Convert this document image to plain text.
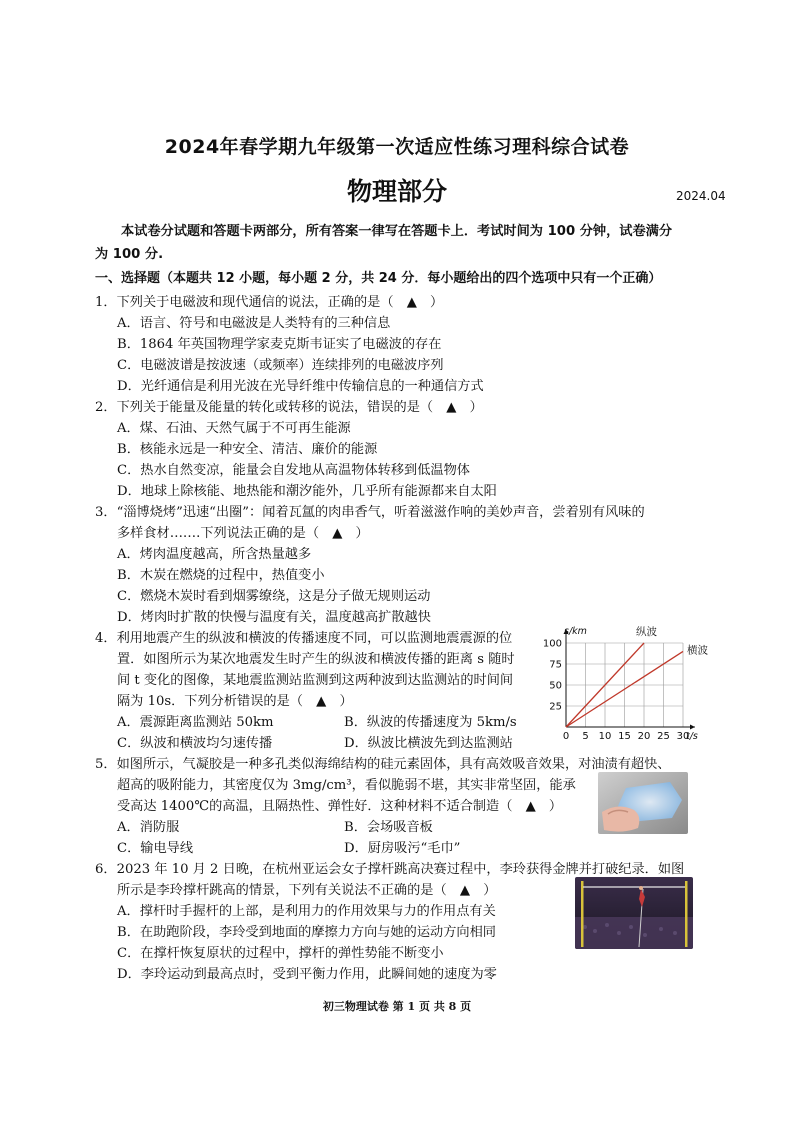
2024年春学期九年级第一次适应性练习理科综合试卷
物理部分	2024.04
本试卷分试题和答题卡两部分，所有答案一律写在答题卡上．考试时间为 100 分钟，试卷满分
为 100 分.
一、选择题（本题共 12 小题，每小题 2 分，共 24 分．每小题给出的四个选项中只有一个正确）
1．下列关于电磁波和现代通信的说法，正确的是（　▲　）
A．语言、符号和电磁波是人类特有的三种信息
B．1864 年英国物理学家麦克斯韦证实了电磁波的存在
C．电磁波谱是按波速（或频率）连续排列的电磁波序列
D．光纤通信是利用光波在光导纤维中传输信息的一种通信方式
2．下列关于能量及能量的转化或转移的说法，错误的是（　▲　）
A．煤、石油、天然气属于不可再生能源
B．核能永远是一种安全、清洁、廉价的能源
C．热水自然变凉，能量会自发地从高温物体转移到低温物体
D．地球上除核能、地热能和潮汐能外，几乎所有能源都来自太阳
3．“淄博烧烤”迅速“出圈”：闻着瓦氲的肉串香气，听着滋滋作响的美妙声音，尝着别有风味的
多样食材…….下列说法正确的是（　▲　）
A．烤肉温度越高，所含热量越多
B．木炭在燃烧的过程中，热值变小
C．燃烧木炭时看到烟雾缭绕，这是分子做无规则运动
D．烤肉时扩散的快慢与温度有关，温度越高扩散越快
4．利用地震产生的纵波和横波的传播速度不同，可以监测地震震源的位
置．如图所示为某次地震发生时产生的纵波和横波传播的距离 s 随时
间 t 变化的图像，某地震监测站监测到这两种波到达监测站的时间间
隔为 10s．下列分析错误的是（　▲　）
A．震源距离监测站 50km	B．纵波的传播速度为 5km/s
C．纵波和横波均匀速传播	D．纵波比横波先到达监测站	0 5 10 15 20 25 30
25
50
75
100
s/km
t/s
纵波
横波
5．如图所示，气凝胶是一种多孔类似海绵结构的硅元素固体，具有高效吸音效果，对油渍有超快、
超高的吸附能力，其密度仅为 3mg/cm³，看似脆弱不堪，其实非常坚固，能承
受高达 1400℃的高温，且隔热性、弹性好．这种材料不适合制造（　▲　）
A．消防服	B．会场吸音板
C．输电导线	D．厨房吸污“毛巾”
6．2023 年 10 月 2 日晚，在杭州亚运会女子撑杆跳高决赛过程中，李玲获得金牌并打破纪录．如图
所示是李玲撑杆跳高的情景，下列有关说法不正确的是（　▲　）
A．撑杆时手握杆的上部，是利用力的作用效果与力的作用点有关
B．在助跑阶段，李玲受到地面的摩擦力方向与她的运动方向相同
C．在撑杆恢复原状的过程中，撑杆的弹性势能不断变小
D．李玲运动到最高点时，受到平衡力作用，此瞬间她的速度为零
初三物理试卷 第 1 页 共 8 页
